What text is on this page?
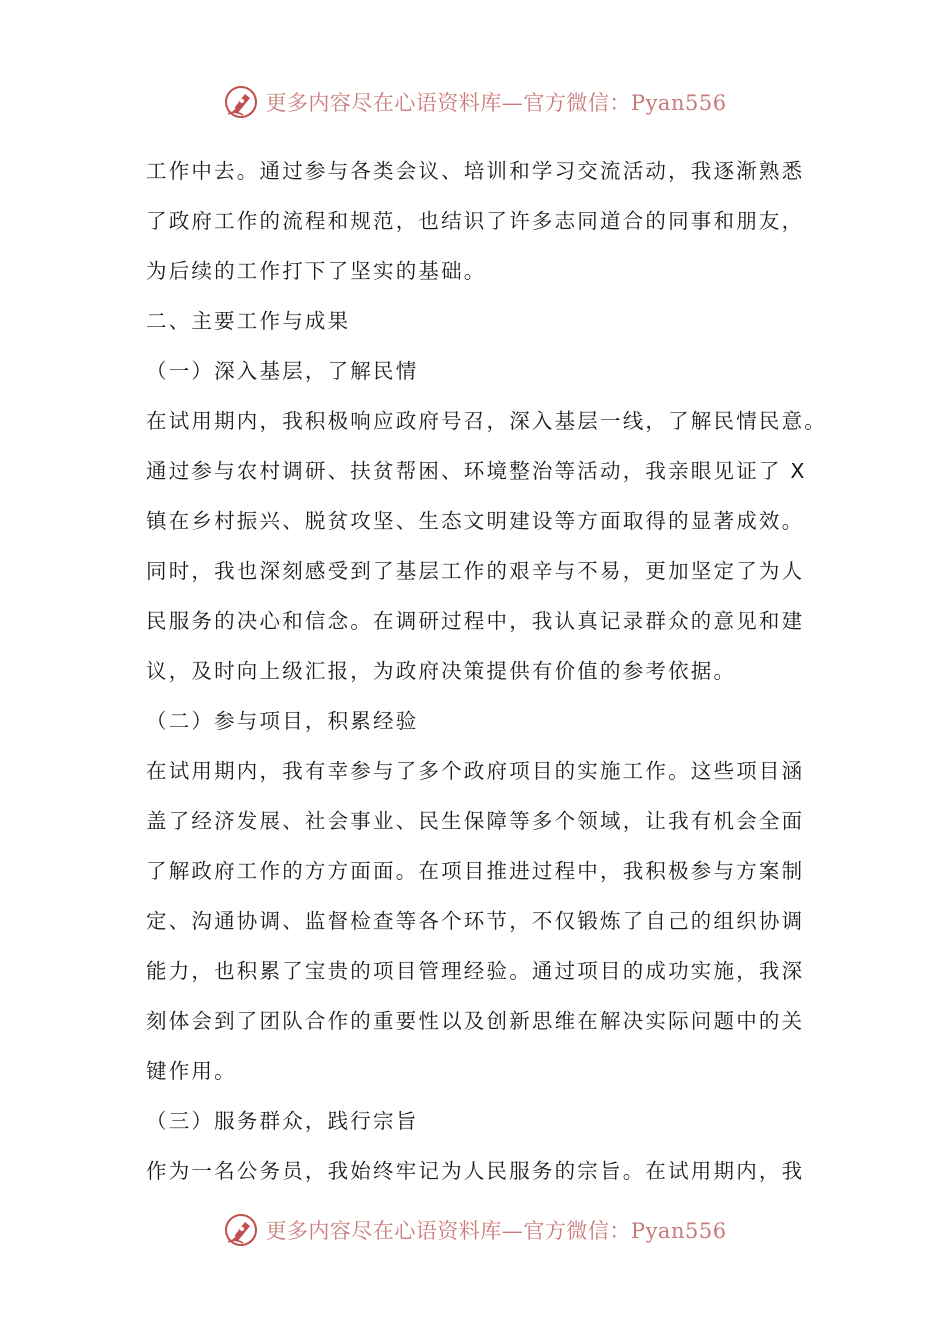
更多内容尽在心语资料库—官方微信：Pyan556
工作中去。通过参与各类会议、培训和学习交流活动，我逐渐熟悉
了政府工作的流程和规范，也结识了许多志同道合的同事和朋友，
为后续的工作打下了坚实的基础。
二、主要工作与成果
（一）深入基层，了解民情
在试用期内，我积极响应政府号召，深入基层一线，了解民情民意。
通过参与农村调研、扶贫帮困、环境整治等活动，我亲眼见证了 X
镇在乡村振兴、脱贫攻坚、生态文明建设等方面取得的显著成效。
同时，我也深刻感受到了基层工作的艰辛与不易，更加坚定了为人
民服务的决心和信念。在调研过程中，我认真记录群众的意见和建
议，及时向上级汇报，为政府决策提供有价值的参考依据。
（二）参与项目，积累经验
在试用期内，我有幸参与了多个政府项目的实施工作。这些项目涵
盖了经济发展、社会事业、民生保障等多个领域，让我有机会全面
了解政府工作的方方面面。在项目推进过程中，我积极参与方案制
定、沟通协调、监督检查等各个环节，不仅锻炼了自己的组织协调
能力，也积累了宝贵的项目管理经验。通过项目的成功实施，我深
刻体会到了团队合作的重要性以及创新思维在解决实际问题中的关
键作用。
（三）服务群众，践行宗旨
作为一名公务员，我始终牢记为人民服务的宗旨。在试用期内，我
更多内容尽在心语资料库—官方微信：Pyan556
